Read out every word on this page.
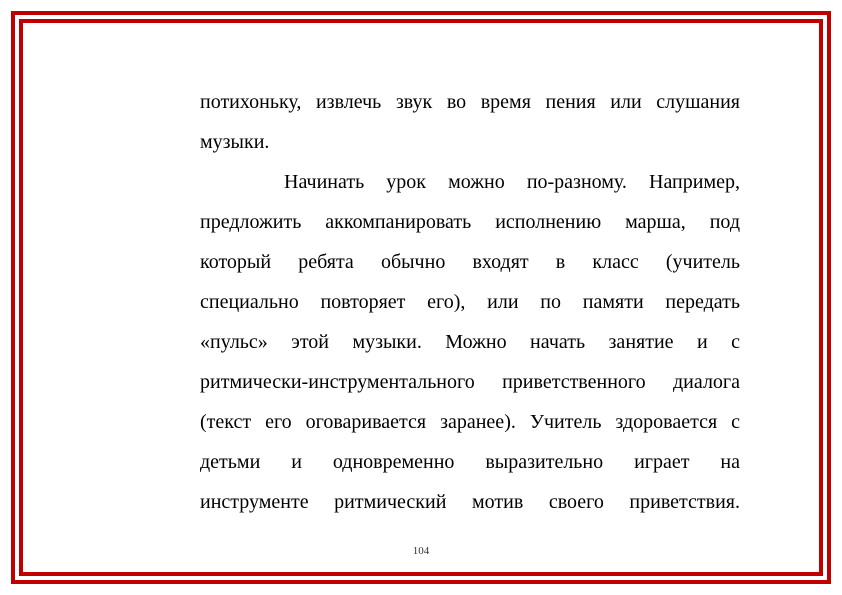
потихоньку, извлечь звук во время пения или слушания
музыки.
Начинать урок можно по-разному. Например,
предложить аккомпанировать исполнению марша, под
который ребята обычно входят в класс (учитель
специально повторяет его), или по памяти передать
«пульс» этой музыки. Можно начать занятие и с
ритмически-инструментального приветственного диалога
(текст его оговаривается заранее). Учитель здоровается с
детьми и одновременно выразительно играет на
инструменте ритмический мотив своего приветствия.
104
